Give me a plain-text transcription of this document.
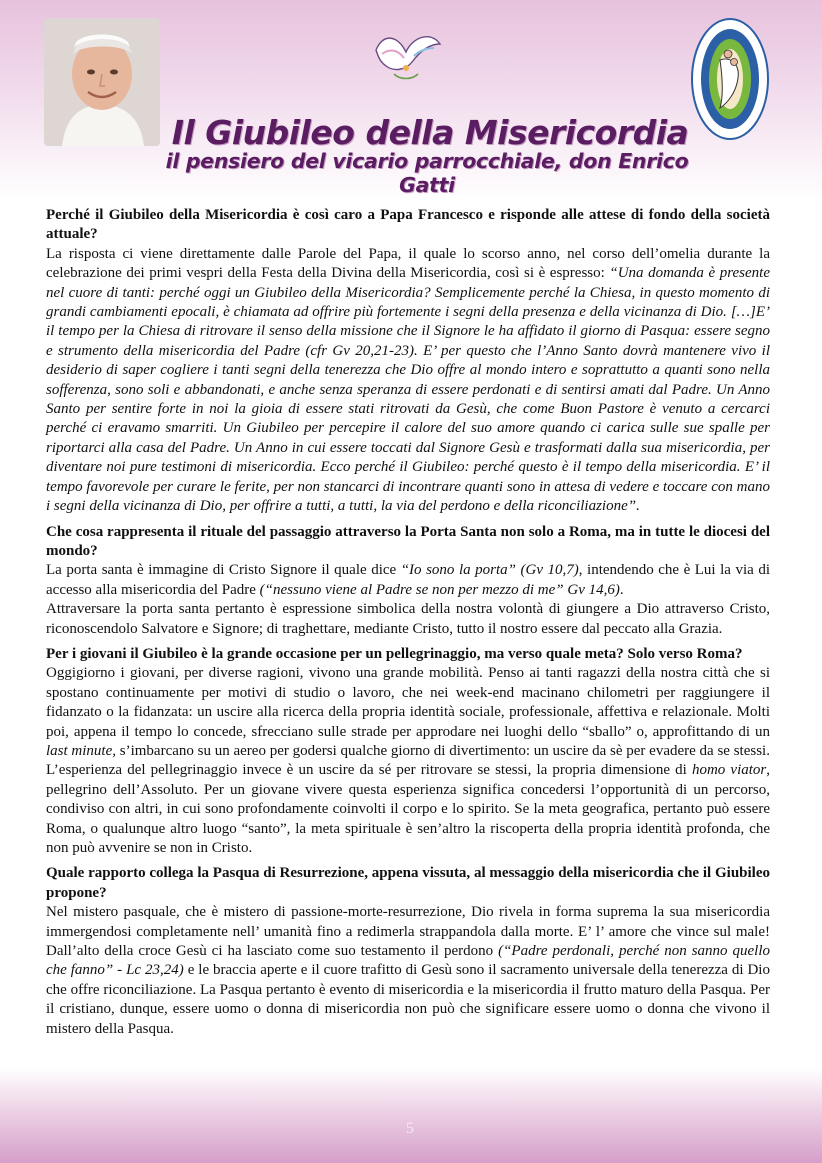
Il Giubileo della Misericordia
il pensiero del vicario parrocchiale, don Enrico Gatti

Perché il Giubileo della Misericordia è così caro a Papa Francesco e risponde alle attese di fondo della società attuale?

La risposta ci viene direttamente dalle Parole del Papa, il quale lo scorso anno, nel corso dell’omelia durante la celebrazione dei primi vespri della Festa della Divina della Misericordia, così si è espresso: “Una domanda è presente nel cuore di tanti: perché oggi un Giubileo della Misericordia? Semplicemente perché la Chiesa, in questo momento di grandi cambiamenti epocali, è chiamata ad offrire più fortemente i segni della presenza e della vicinanza di Dio. […]E’ il tempo per la Chiesa di ritrovare il senso della missione che il Signore le ha affidato il giorno di Pasqua: essere segno e strumento della misericordia del Padre (cfr Gv 20,21-23). E’ per questo che l’Anno Santo dovrà mantenere vivo il desiderio di saper cogliere i tanti segni della tenerezza che Dio offre al mondo intero e soprattutto a quanti sono nella sofferenza, sono soli e abbandonati, e anche senza speranza di essere perdonati e di sentirsi amati dal Padre. Un Anno Santo per sentire forte in noi la gioia di essere stati ritrovati da Gesù, che come Buon Pastore è venuto a cercarci perché ci eravamo smarriti. Un Giubileo per percepire il calore del suo amore quando ci carica sulle sue spalle per riportarci alla casa del Padre. Un Anno in cui essere toccati dal Signore Gesù e trasformati dalla sua misericordia, per diventare noi pure testimoni di misericordia. Ecco perché il Giubileo: perché questo è il tempo della misericordia. E’ il tempo favorevole per curare le ferite, per non stancarci di incontrare quanti sono in attesa di vedere e toccare con mano i segni della vicinanza di Dio, per offrire a tutti, a tutti, la via del perdono e della riconciliazione”.

Che cosa rappresenta il rituale del passaggio attraverso la Porta Santa non solo a Roma, ma in tutte le diocesi del mondo?

La porta santa è immagine di Cristo Signore il quale dice “Io sono la porta” (Gv 10,7), intendendo che è Lui la via di accesso alla misericordia del Padre (“nessuno viene al Padre se non per mezzo di me” Gv 14,6).

Attraversare la porta santa pertanto è espressione simbolica della nostra volontà di giungere a Dio attraverso Cristo, riconoscendolo Salvatore e Signore; di traghettare, mediante Cristo, tutto il nostro essere dal peccato alla Grazia.

Per i giovani il Giubileo è la grande occasione per un pellegrinaggio, ma verso quale meta? Solo verso Roma?

Oggigiorno i giovani, per diverse ragioni, vivono una grande mobilità. Penso ai tanti ragazzi della nostra città che si spostano continuamente per motivi di studio o lavoro, che nei week-end macinano chilometri per raggiungere il fidanzato o la fidanzata: un uscire alla ricerca della propria identità sociale, professionale, affettiva e relazionale. Molti poi, appena il tempo lo concede, sfrecciano sulle strade per approdare nei luoghi dello “sballo” o, approfittando di un last minute, s’imbarcano su un aereo per godersi qualche giorno di divertimento: un uscire da sè per evadere da se stessi.

L’esperienza del pellegrinaggio invece è un uscire da sé per ritrovare se stessi, la propria dimensione di homo viator, pellegrino dell’Assoluto. Per un giovane vivere questa esperienza significa concedersi l’opportunità di un percorso, condiviso con altri, in cui sono profondamente coinvolti il corpo e lo spirito. Se la meta geografica, pertanto può essere Roma, o qualunque altro luogo “santo”, la meta spirituale è sen’altro la riscoperta della propria identità profonda, che non può avvenire se non in Cristo.

Quale rapporto collega la Pasqua di Resurrezione, appena vissuta, al messaggio della misericordia che il Giubileo propone?

Nel mistero pasquale, che è mistero di passione-morte-resurrezione, Dio rivela in forma suprema la sua misericordia immergendosi completamente nell’ umanità fino a redimerla strappandola dalla morte. E’ l’ amore che vince sul male! Dall’alto della croce Gesù ci ha lasciato come suo testamento il perdono (“Padre perdonali, perché non sanno quello che fanno” - Lc 23,24) e le braccia aperte e il cuore trafitto di Gesù sono il sacramento universale della tenerezza di Dio che offre riconciliazione. La Pasqua pertanto è evento di misericordia e la misericordia il frutto maturo della Pasqua. Per il cristiano, dunque, essere uomo o donna di misericordia non può che significare essere uomo o donna che vivono il mistero della Pasqua.

5
